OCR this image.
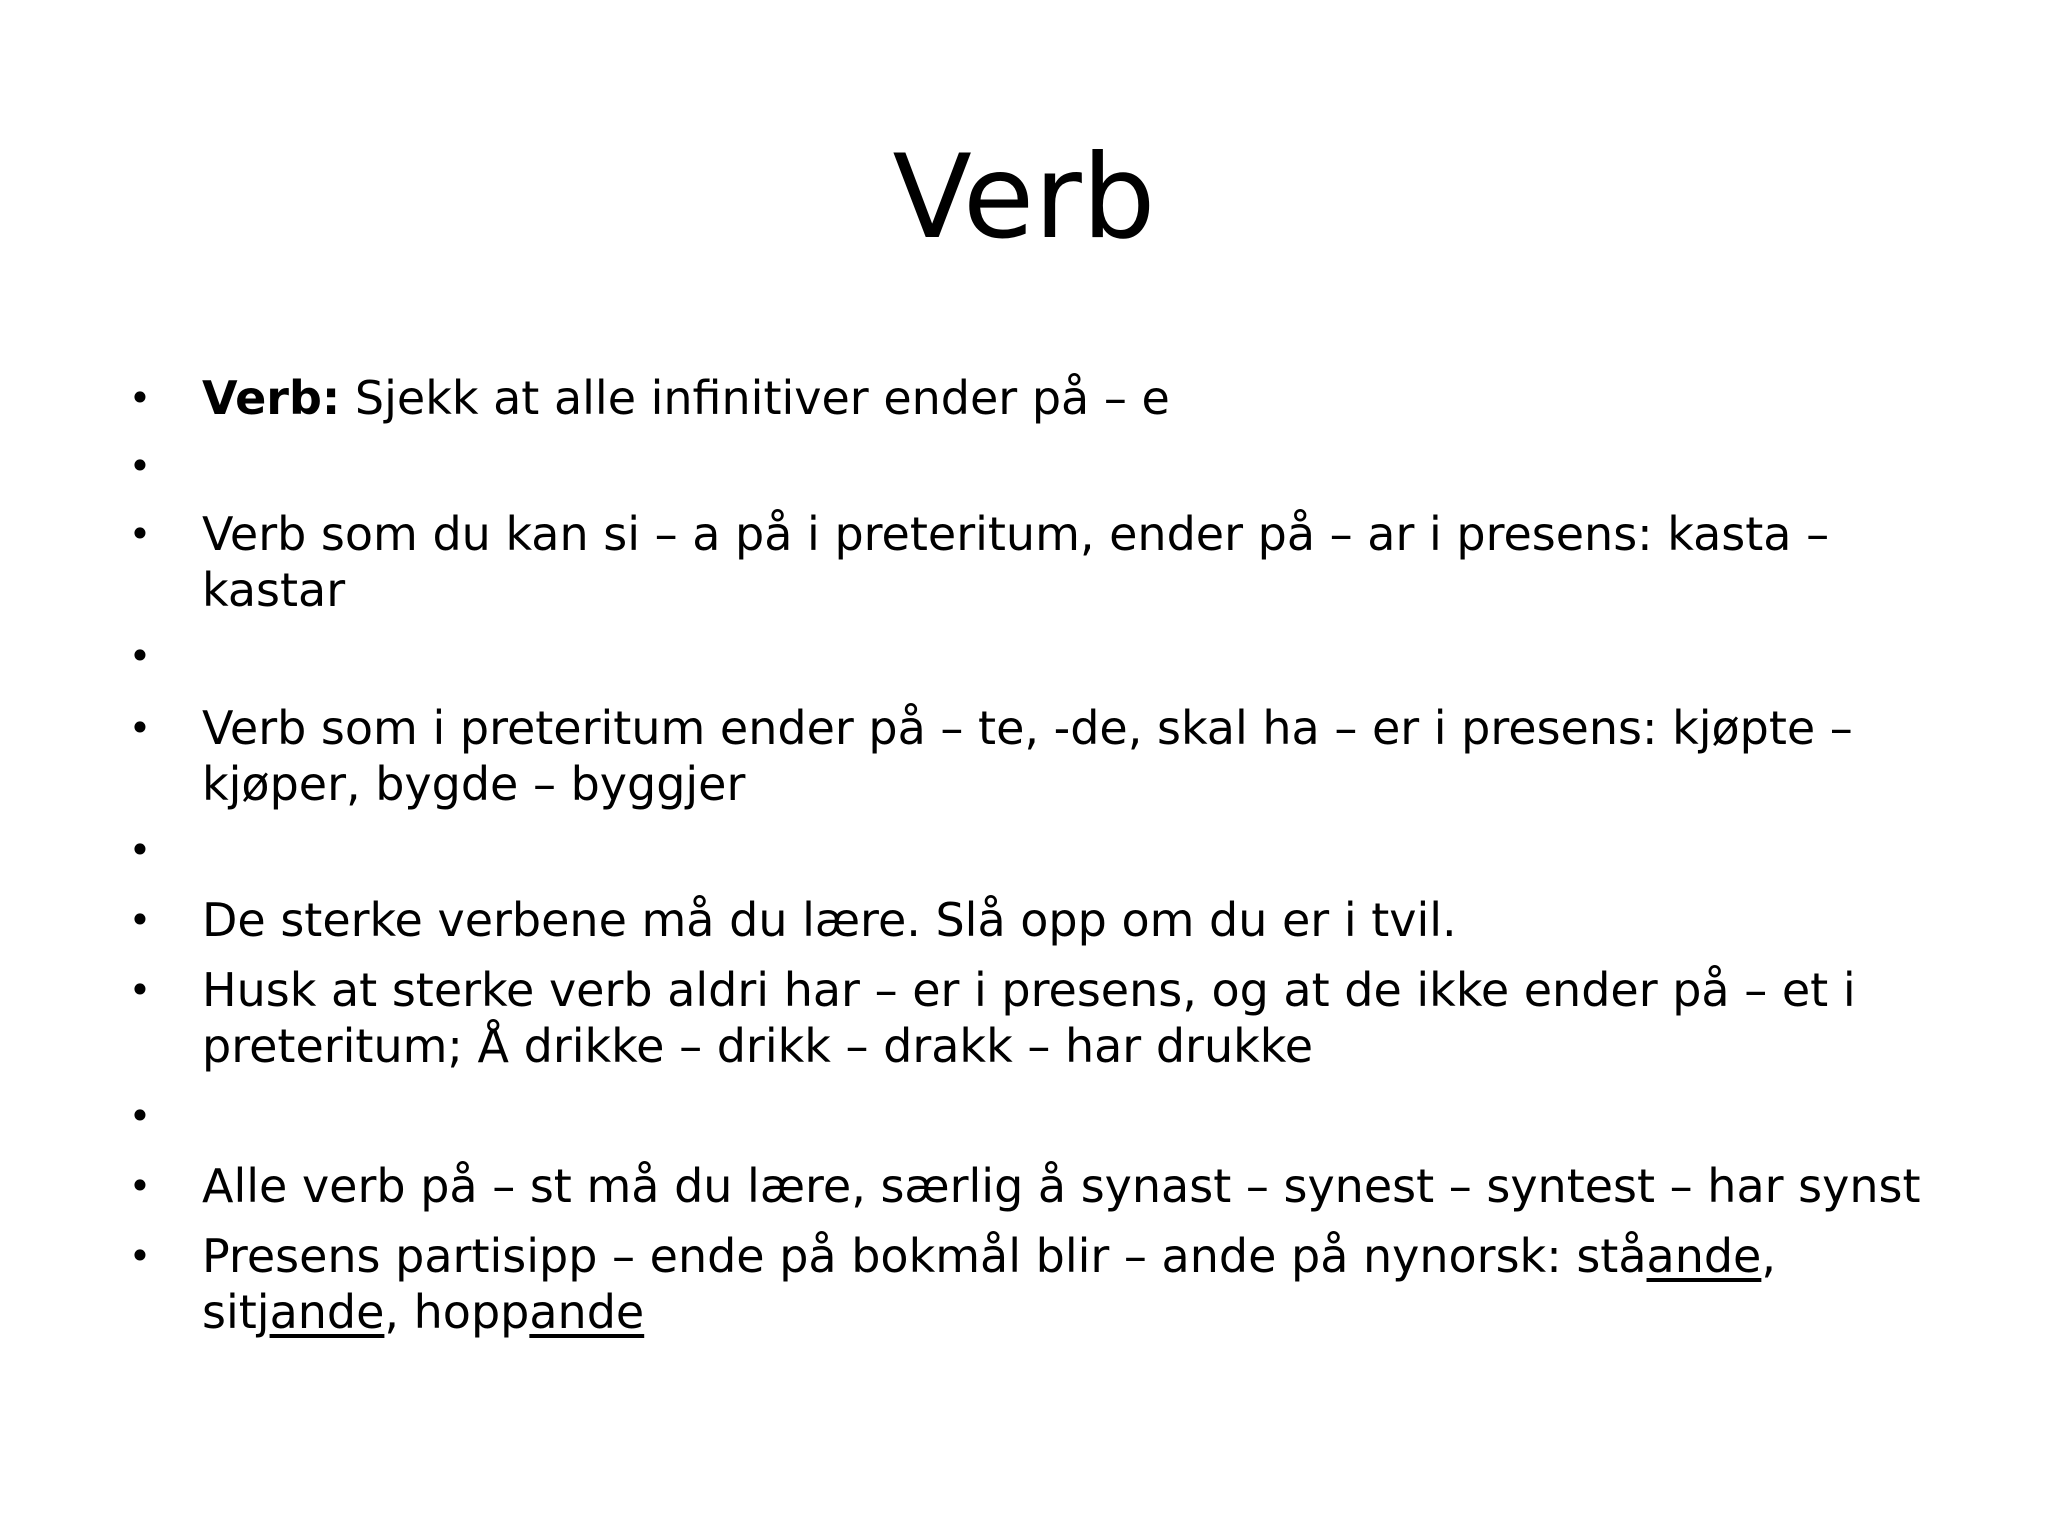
Verb
• Verb: Sjekk at alle infinitiver ender på – e
•
• Verb som du kan si – a på i preteritum, ender på – ar i presens: kasta –
kastar
•
• Verb som i preteritum ender på – te, -de, skal ha – er i presens: kjøpte –
kjøper, bygde – byggjer
•
• De sterke verbene må du lære. Slå opp om du er i tvil.
• Husk at sterke verb aldri har – er i presens, og at de ikke ender på – et i
preteritum; Å drikke – drikk – drakk – har drukke
•
• Alle verb på – st må du lære, særlig å synast – synest – syntest – har synst
• Presens partisipp – ende på bokmål blir – ande på nynorsk: ståande,
sitjande, hoppande
